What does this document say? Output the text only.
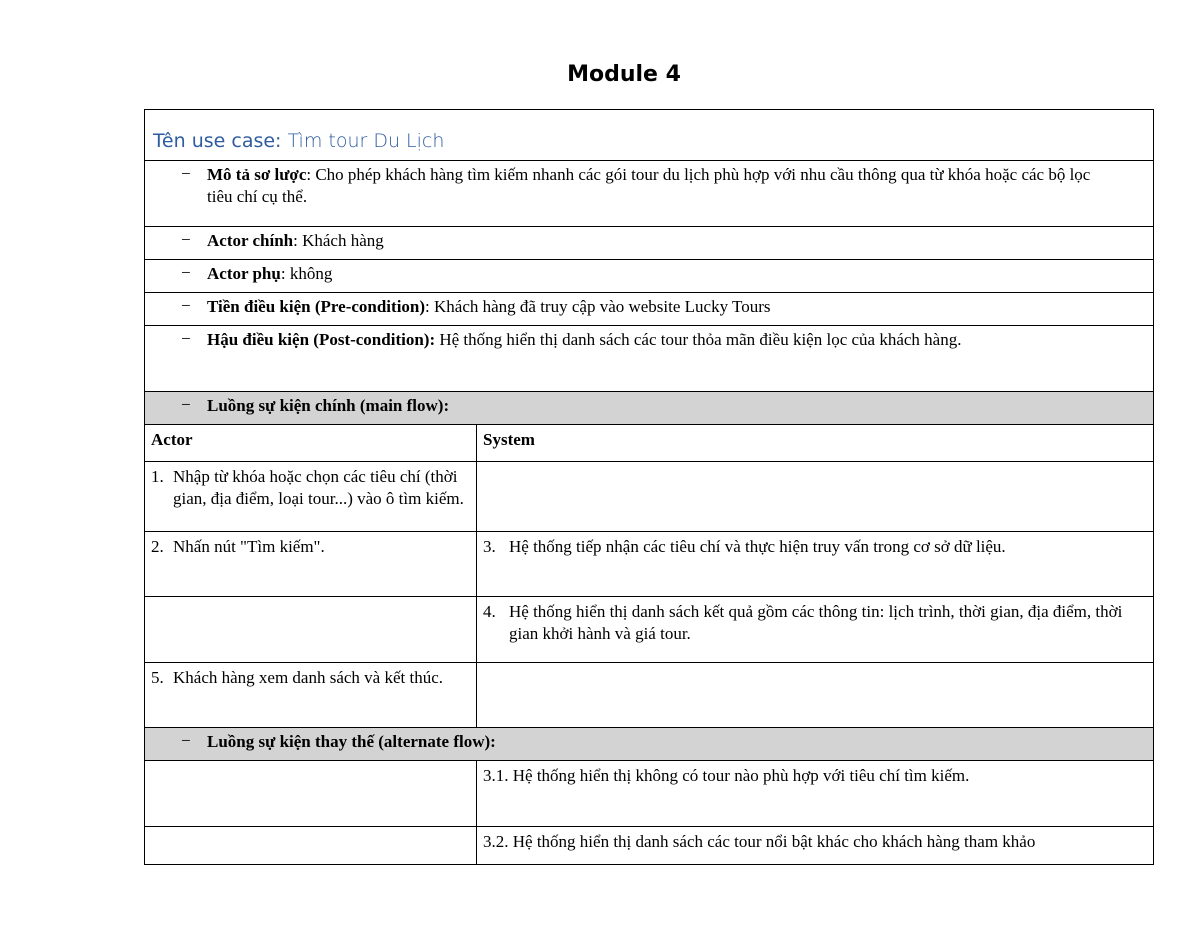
Module 4
Tên use case: Tìm tour Du Lịch
− Mô tả sơ lược: Cho phép khách hàng tìm kiếm nhanh các gói tour du lịch phù hợp với nhu cầu thông qua từ khóa hoặc các bộ lọc tiêu chí cụ thể.
− Actor chính: Khách hàng
− Actor phụ: không
− Tiền điều kiện (Pre-condition): Khách hàng đã truy cập vào website Lucky Tours
− Hậu điều kiện (Post-condition): Hệ thống hiển thị danh sách các tour thỏa mãn điều kiện lọc của khách hàng.
− Luồng sự kiện chính (main flow):
Actor	System
1. Nhập từ khóa hoặc chọn các tiêu chí (thời gian, địa điểm, loại tour...) vào ô tìm kiếm.
2. Nhấn nút "Tìm kiếm".	3. Hệ thống tiếp nhận các tiêu chí và thực hiện truy vấn trong cơ sở dữ liệu.
4. Hệ thống hiển thị danh sách kết quả gồm các thông tin: lịch trình, thời gian, địa điểm, thời gian khởi hành và giá tour.
5. Khách hàng xem danh sách và kết thúc.
− Luồng sự kiện thay thế (alternate flow):
3.1. Hệ thống hiển thị không có tour nào phù hợp với tiêu chí tìm kiếm.
3.2. Hệ thống hiển thị danh sách các tour nổi bật khác cho khách hàng tham khảo
